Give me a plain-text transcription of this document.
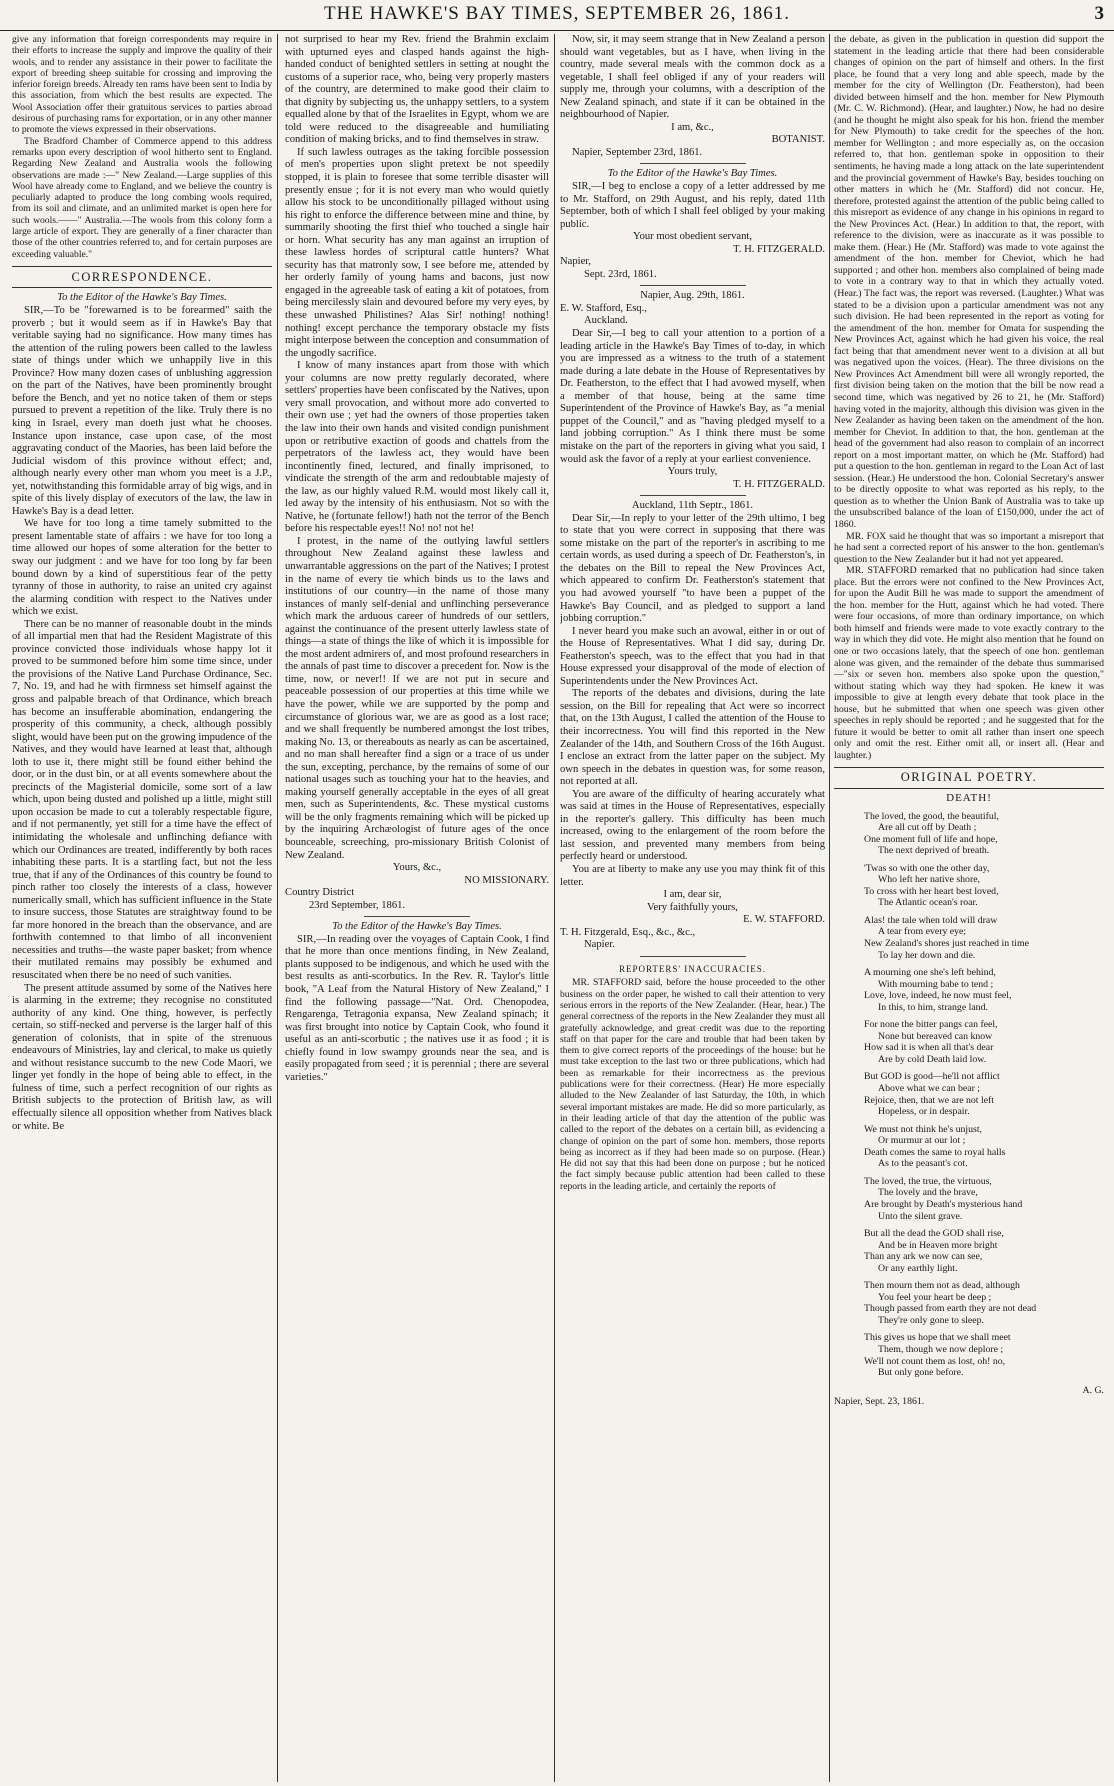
THE HAWKE'S BAY TIMES, SEPTEMBER 26, 1861.	3

give any information that foreign correspondents may require in their efforts to increase the supply and improve the quality of their wools, and to render any assistance in their power to facilitate the export of breeding sheep suitable for crossing and improving the inferior foreign breeds. Already ten rams have been sent to India by this association, from which the best results are expected. The Wool Association offer their gratuitous services to parties abroad desirous of purchasing rams for exportation, or in any other manner to promote the views expressed in their observations.

The Bradford Chamber of Commerce append to this address remarks upon every description of wool hitherto sent to England. Regarding New Zealand and Australia wools the following observations are made :—" New Zealand.—Large supplies of this Wool have already come to England, and we believe the country is peculiarly adapted to produce the long combing wools required, from its soil and climate, and an unlimited market is open here for such wools.——" Australia.—The wools from this colony form a large article of export. They are generally of a finer character than those of the other countries referred to, and for certain purposes are exceeding valuable."

CORRESPONDENCE.

To the Editor of the Hawke's Bay Times.

SIR,—To be "forewarned is to be forearmed" saith the proverb ; but it would seem as if in Hawke's Bay that veritable saying had no significance. How many times has the attention of the ruling powers been called to the lawless state of things under which we unhappily live in this Province? How many dozen cases of unblushing aggression on the part of the Natives, have been prominently brought before the Bench, and yet no notice taken of them or steps pursued to prevent a repetition of the like. Truly there is no king in Israel, every man doeth just what he chooses. Instance upon instance, case upon case, of the most aggravating conduct of the Maories, has been laid before the Judicial wisdom of this province without effect; and, although nearly every other man whom you meet is a J.P., yet, notwithstanding this formidable array of big wigs, and in spite of this lively display of executors of the law, the law in Hawke's Bay is a dead letter.

We have for too long a time tamely submitted to the present lamentable state of affairs : we have for too long a time allowed our hopes of some alteration for the better to sway our judgment : and we have for too long by far been bound down by a kind of superstitious fear of the petty tyranny of those in authority, to raise an united cry against the alarming condition with respect to the Natives under which we exist.

There can be no manner of reasonable doubt in the minds of all impartial men that had the Resident Magistrate of this province convicted those individuals whose happy lot it proved to be summoned before him some time since, under the provisions of the Native Land Purchase Ordinance, Sec. 7, No. 19, and had he with firmness set himself against the gross and palpable breach of that Ordinance, which breach has become an insufferable abomination, endangering the prosperity of this community, a check, although possibly slight, would have been put on the growing impudence of the Natives, and they would have learned at least that, although loth to use it, there might still be found either behind the door, or in the dust bin, or at all events somewhere about the precincts of the Magisterial domicile, some sort of a law which, upon being dusted and polished up a little, might still upon occasion be made to cut a tolerably respectable figure, and if not permanently, yet still for a time have the effect of intimidating the wholesale and unflinching defiance with which our Ordinances are treated, indifferently by both races inhabiting these parts. It is a startling fact, but not the less true, that if any of the Ordinances of this country be found to pinch rather too closely the interests of a class, however numerically small, which has sufficient influence in the State to insure success, those Statutes are straightway found to be far more honored in the breach than the observance, and are forthwith contemned to that limbo of all inconvenient necessities and truths—the waste paper basket; from whence their mutilated remains may possibly be exhumed and resuscitated when there be no need of such vanities.

The present attitude assumed by some of the Natives here is alarming in the extreme; they recognise no constituted authority of any kind. One thing, however, is perfectly certain, so stiff-necked and perverse is the larger half of this generation of colonists, that in spite of the strenuous endeavours of Ministries, lay and clerical, to make us quietly and without resistance succumb to the new Code Maori, we linger yet fondly in the hope of being able to effect, in the fulness of time, such a perfect recognition of our rights as British subjects to the protection of British law, as will effectually silence all opposition whether from Natives black or white. Be

not surprised to hear my Rev. friend the Brahmin exclaim with upturned eyes and clasped hands against the high-handed conduct of benighted settlers in setting at nought the customs of a superior race, who, being very properly masters of the country, are determined to make good their claim to that dignity by subjecting us, the unhappy settlers, to a system equalled alone by that of the Israelites in Egypt, whom we are told were reduced to the disagreeable and humiliating condition of making bricks, and to find themselves in straw.

If such lawless outrages as the taking forcible possession of men's properties upon slight pretext be not speedily stopped, it is plain to foresee that some terrible disaster will presently ensue ; for it is not every man who would quietly allow his stock to be unconditionally pillaged without using his right to enforce the difference between mine and thine, by summarily shooting the first thief who touched a single hair or horn. What security has any man against an irruption of these lawless hordes of scriptural cattle hunters? What security has that matronly sow, I see before me, attended by her orderly family of young hams and bacons, just now engaged in the agreeable task of eating a kit of potatoes, from being mercilessly slain and devoured before my very eyes, by these unwashed Philistines? Alas Sir! nothing! nothing! nothing! except perchance the temporary obstacle my fists might interpose between the conception and consummation of the ungodly sacrifice.

I know of many instances apart from those with which your columns are now pretty regularly decorated, where settlers' properties have been confiscated by the Natives, upon very small provocation, and without more ado converted to their own use ; yet had the owners of those properties taken the law into their own hands and visited condign punishment upon or retributive exaction of goods and chattels from the perpetrators of the lawless act, they would have been incontinently fined, lectured, and finally imprisoned, to vindicate the strength of the arm and redoubtable majesty of the law, as our highly valued R.M. would most likely call it, led away by the intensity of his enthusiasm. Not so with the Native, he (fortunate fellow!) hath not the terror of the Bench before his respectable eyes!! No! no! not he!

I protest, in the name of the outlying lawful settlers throughout New Zealand against these lawless and unwarrantable aggressions on the part of the Natives; I protest in the name of every tie which binds us to the laws and institutions of our country—in the name of those many instances of manly self-denial and unflinching perseverance which mark the arduous career of hundreds of our settlers, against the continuance of the present utterly lawless state of things—a state of things the like of which it is impossible for the most ardent admirers of, and most profound researchers in the annals of past time to discover a precedent for. Now is the time, now, or never!! If we are not put in secure and peaceable possession of our properties at this time while we have the power, while we are supported by the pomp and circumstance of glorious war, we are as good as a lost race; and we shall frequently be numbered amongst the lost tribes, making No. 13, or thereabouts as nearly as can be ascertained, and no man shall hereafter find a sign or a trace of us under the sun, excepting, perchance, by the remains of some of our national usages such as touching your hat to the heavies, and making yourself generally acceptable in the eyes of all great men, such as Superintendents, &c. These mystical customs will be the only fragments remaining which will be picked up by the inquiring Archæologist of future ages of the once bounceable, screeching, pro-missionary British Colonist of New Zealand.

Yours, &c.,

NO MISSIONARY.

Country District

23rd September, 1861.

To the Editor of the Hawke's Bay Times.

SIR,—In reading over the voyages of Captain Cook, I find that he more than once mentions finding, in New Zealand, plants supposed to be indigenous, and which he used with the best results as anti-scorbutics. In the Rev. R. Taylor's little book, "A Leaf from the Natural History of New Zealand," I find the following passage—"Nat. Ord. Chenopodea, Rengarenga, Tetragonia expansa, New Zealand spinach; it was first brought into notice by Captain Cook, who found it useful as an anti-scorbutic ; the natives use it as food ; it is chiefly found in low swampy grounds near the sea, and is easily propagated from seed ; it is perennial ; there are several varieties."

Now, sir, it may seem strange that in New Zealand a person should want vegetables, but as I have, when living in the country, made several meals with the common dock as a vegetable, I shall feel obliged if any of your readers will supply me, through your columns, with a description of the New Zealand spinach, and state if it can be obtained in the neighbourhood of Napier.

I am, &c.,

BOTANIST.

Napier, September 23rd, 1861.

To the Editor of the Hawke's Bay Times.

SIR,—I beg to enclose a copy of a letter addressed by me to Mr. Stafford, on 29th August, and his reply, dated 11th September, both of which I shall feel obliged by your making public.

Your most obedient servant,

T. H. FITZGERALD.

Napier,

Sept. 23rd, 1861.

Napier, Aug. 29th, 1861.

E. W. Stafford, Esq.,

Auckland.

Dear Sir,—I beg to call your attention to a portion of a leading article in the Hawke's Bay Times of to-day, in which you are impressed as a witness to the truth of a statement made during a late debate in the House of Representatives by Dr. Featherston, to the effect that I had avowed myself, when a member of that house, being at the same time Superintendent of the Province of Hawke's Bay, as "a menial puppet of the Council," and as "having pledged myself to a land jobbing corruption." As I think there must be some mistake on the part of the reporters in giving what you said, I would ask the favor of a reply at your earliest convenience.

Yours truly,

T. H. FITZGERALD.

Auckland, 11th Septr., 1861.

Dear Sir,—In reply to your letter of the 29th ultimo, I beg to state that you were correct in supposing that there was some mistake on the part of the reporter's in ascribing to me certain words, as used during a speech of Dr. Featherston's, in the debates on the Bill to repeal the New Provinces Act, which appeared to confirm Dr. Featherston's statement that you had avowed yourself "to have been a puppet of the Hawke's Bay Council, and as pledged to support a land jobbing corruption."

I never heard you make such an avowal, either in or out of the House of Representatives. What I did say, during Dr. Featherston's speech, was to the effect that you had in that House expressed your disapproval of the mode of election of Superintendents under the New Provinces Act.

The reports of the debates and divisions, during the late session, on the Bill for repealing that Act were so incorrect that, on the 13th August, I called the attention of the House to their incorrectness. You will find this reported in the New Zealander of the 14th, and Southern Cross of the 16th August. I enclose an extract from the latter paper on the subject. My own speech in the debates in question was, for some reason, not reported at all.

You are aware of the difficulty of hearing accurately what was said at times in the House of Representatives, especially in the reporter's gallery. This difficulty has been much increased, owing to the enlargement of the room before the last session, and prevented many members from being perfectly heard or understood.

You are at liberty to make any use you may think fit of this letter.

I am, dear sir,

Very faithfully yours,

E. W. STAFFORD.

T. H. Fitzgerald, Esq., &c., &c.,

Napier.

REPORTERS' INACCURACIES.

MR. STAFFORD said, before the house proceeded to the other business on the order paper, he wished to call their attention to very serious errors in the reports of the New Zealander. (Hear, hear.) The general correctness of the reports in the New Zealander they must all gratefully acknowledge, and great credit was due to the reporting staff on that paper for the care and trouble that had been taken by them to give correct reports of the proceedings of the house: but he must take exception to the last two or three publications, which had been as remarkable for their incorrectness as the previous publications were for their correctness. (Hear) He more especially alluded to the New Zealander of last Saturday, the 10th, in which several important mistakes are made. He did so more particularly, as in their leading article of that day the attention of the public was called to the report of the debates on a certain bill, as evidencing a change of opinion on the part of some hon. members, those reports being as incorrect as if they had been made so on purpose. (Hear.) He did not say that this had been done on purpose ; but he noticed the fact simply because public attention had been called to these reports in the leading article, and certainly the reports of

the debate, as given in the publication in question did support the statement in the leading article that there had been considerable changes of opinion on the part of himself and others. In the first place, he found that a very long and able speech, made by the member for the city of Wellington (Dr. Featherston), had been divided between himself and the hon. member for New Plymouth (Mr. C. W. Richmond). (Hear, and laughter.) Now, he had no desire (and he thought he might also speak for his hon. friend the member for New Plymouth) to take credit for the speeches of the hon. member for Wellington ; and more especially as, on the occasion referred to, that hon. gentleman spoke in opposition to their sentiments, he having made a long attack on the late superintendent and the provincial government of Hawke's Bay, besides touching on other matters in which he (Mr. Stafford) did not concur. He, therefore, protested against the attention of the public being called to this misreport as evidence of any change in his opinions in regard to the New Provinces Act. (Hear.) In addition to that, the report, with reference to the division, were as inaccurate as it was possible to make them. (Hear.) He (Mr. Stafford) was made to vote against the amendment of the hon. member for Cheviot, which he had supported ; and other hon. members also complained of being made to vote in a contrary way to that in which they actually voted. (Hear.) The fact was, the report was reversed. (Laughter.) What was stated to be a division upon a particular amendment was not any such division. He had been represented in the report as voting for the amendment of the hon. member for Omata for suspending the New Provinces Act, against which he had given his voice, the real fact being that that amendment never went to a division at all but was negatived upon the voices. (Hear). The three divisions on the New Provinces Act Amendment bill were all wrongly reported, the first division being taken on the motion that the bill be now read a second time, which was negatived by 26 to 21, he (Mr. Stafford) having voted in the majority, although this division was given in the New Zealander as having been taken on the amendment of the hon. member for Cheviot. In addition to that, the hon. gentleman at the head of the government had also reason to complain of an incorrect report on a most important matter, on which he (Mr. Stafford) had put a question to the hon. gentleman in regard to the Loan Act of last session. (Hear.) He understood the hon. Colonial Secretary's answer to be directly opposite to what was reported as his reply, to the question as to whether the Union Bank of Australia was to take up the unsubscribed balance of the loan of £150,000, under the act of 1860.

MR. FOX said he thought that was so important a misreport that he had sent a corrected report of his answer to the hon. gentleman's question to the New Zealander but it had not yet appeared.

MR. STAFFORD remarked that no publication had since taken place. But the errors were not confined to the New Provinces Act, for upon the Audit Bill he was made to support the amendment of the hon. member for the Hutt, against which he had voted. There were four occasions, of more than ordinary importance, on which both himself and friends were made to vote exactly contrary to the way in which they did vote. He might also mention that he found on one or two occasions lately, that the speech of one hon. gentleman alone was given, and the remainder of the debate thus summarised—"six or seven hon. members also spoke upon the question," without stating which way they had spoken. He knew it was impossible to give at length every debate that took place in the house, but he submitted that when one speech was given other speeches in reply should be reported ; and he suggested that for the future it would be better to omit all rather than insert one speech only and omit the rest. Either omit all, or insert all. (Hear and laughter.)

ORIGINAL POETRY.
DEATH!
The loved, the good, the beautiful,
Are all cut off by Death ;
One moment full of life and hope,
The next deprived of breath.
'Twas so with one the other day,
Who left her native shore,
To cross with her heart best loved,
The Atlantic ocean's roar.
Alas! the tale when told will draw
A tear from every eye;
New Zealand's shores just reached in time
To lay her down and die.
A mourning one she's left behind,
With mourning babe to tend ;
Love, love, indeed, he now must feel,
In this, to him, strange land.
For none the bitter pangs can feel,
None but bereaved can know
How sad it is when all that's dear
Are by cold Death laid low.
But GOD is good—he'll not afflict
Above what we can bear ;
Rejoice, then, that we are not left
Hopeless, or in despair.
We must not think he's unjust,
Or murmur at our lot ;
Death comes the same to royal halls
As to the peasant's cot.
The loved, the true, the virtuous,
The lovely and the brave,
Are brought by Death's mysterious hand
Unto the silent grave.
But all the dead the GOD shall rise,
And be in Heaven more bright
Than any ark we now can see,
Or any earthly light.
Then mourn them not as dead, although
You feel your heart be deep ;
Though passed from earth they are not dead
They're only gone to sleep.
This gives us hope that we shall meet
Them, though we now deplore ;
We'll not count them as lost, oh! no,
But only gone before.

A. G.

Napier, Sept. 23, 1861.
